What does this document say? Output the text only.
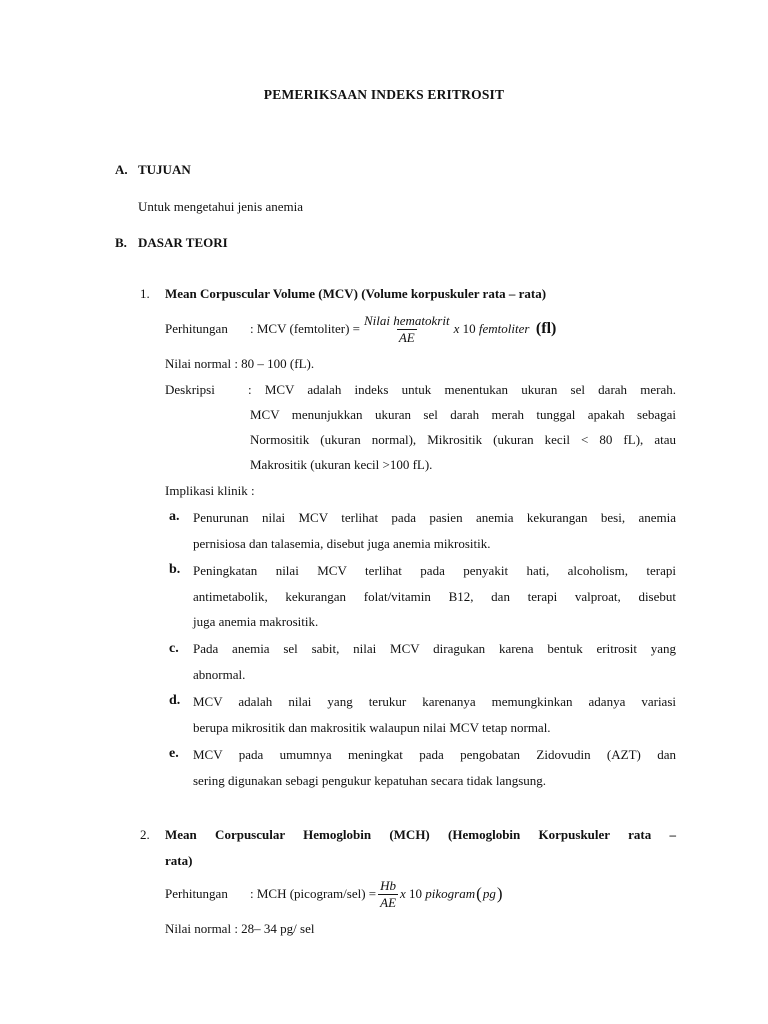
PEMERIKSAAN INDEKS ERITROSIT
A. TUJUAN
Untuk mengetahui jenis anemia
B. DASAR TEORI
1. Mean Corpuscular Volume (MCV) (Volume korpuskuler rata – rata)
Perhitungan : MCV (femtoliter) = $\frac{\text{Nilai hematokrit}}{AE}$ x
10
femtoliter
(fl)
Nilai normal : 80 – 100 (fL).
Deskripsi	: MCV adalah indeks untuk menentukan ukuran sel darah merah.
MCV menunjukkan ukuran sel darah merah tunggal apakah sebagai
Normositik (ukuran normal), Mikrositik (ukuran kecil < 80 fL), atau
Makrositik (ukuran kecil >100 fL).
Implikasi klinik :
a. Penurunan nilai MCV terlihat pada pasien anemia kekurangan besi, anemia
pernisiosa dan talasemia, disebut juga anemia mikrositik.
b. Peningkatan nilai MCV terlihat pada penyakit hati, alcoholism, terapi
antimetabolik, kekurangan folat/vitamin B12, dan terapi valproat, disebut
juga anemia makrositik.
c. Pada anemia sel sabit, nilai MCV diragukan karena bentuk eritrosit yang
abnormal.
d. MCV adalah nilai yang terukur karenanya memungkinkan adanya variasi
berupa mikrositik dan makrositik walaupun nilai MCV tetap normal.
e. MCV pada umumnya meningkat pada pengobatan Zidovudin (AZT) dan
sering digunakan sebagi pengukur kepatuhan secara tidak langsung.
2. Mean Corpuscular Hemoglobin (MCH) (Hemoglobin Korpuskuler rata –
rata)
Perhitungan : MCH (picogram/sel) = $\frac{Hb}{AE}$ x
10
pikogram ( pg )
Nilai normal : 28– 34 pg/ sel
